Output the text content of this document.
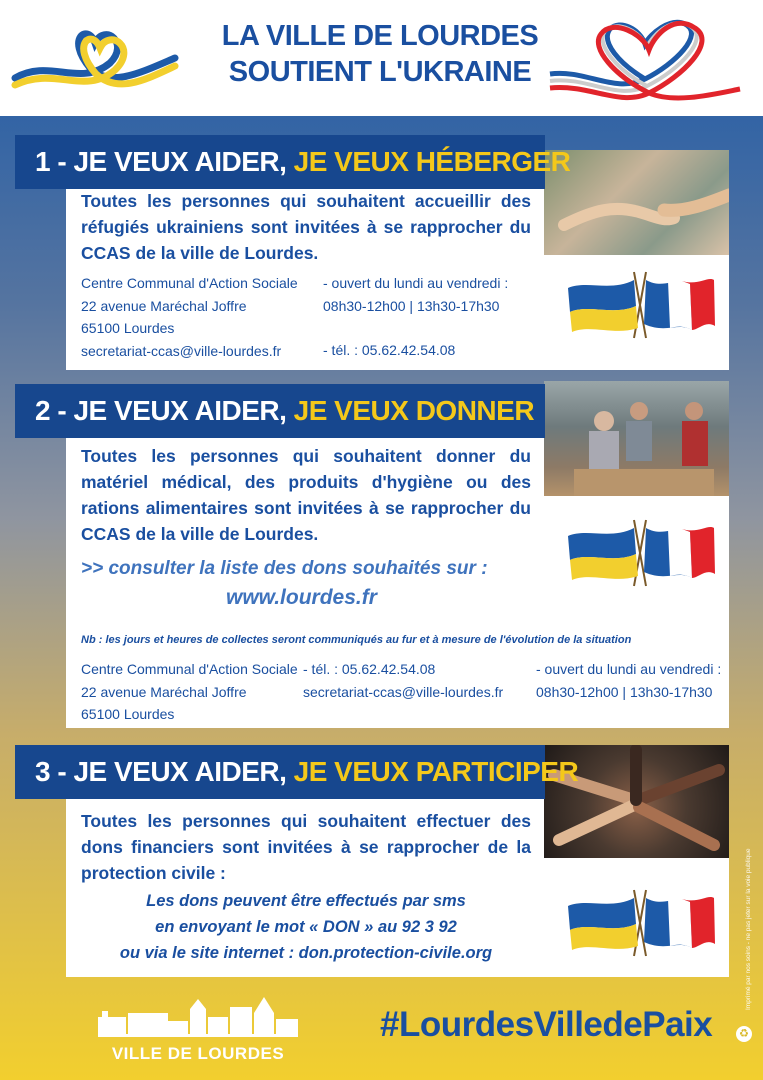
LA VILLE DE LOURDES
SOUTIENT L'UKRAINE
Toutes les personnes qui souhaitent accueillir des réfugiés ukrainiens sont invitées à se rapprocher du CCAS de la ville de Lourdes.
Centre Communal d'Action Sociale
22 avenue Maréchal Joffre
65100 Lourdes
secretariat-ccas@ville-lourdes.fr
- ouvert du lundi au vendredi :
08h30-12h00 | 13h30-17h30
- tél. : 05.62.42.54.08
1 - JE VEUX AIDER, JE VEUX HÉBERGER
Toutes les personnes qui souhaitent donner du matériel médical, des produits d'hygiène ou des rations alimentaires sont invitées à se rapprocher du CCAS de la ville de Lourdes.
>> consulter la liste des dons souhaités sur :
www.lourdes.fr
Nb : les jours et heures de collectes seront communiqués au fur et à mesure de l'évolution de la situation
Centre Communal d'Action Sociale
22 avenue Maréchal Joffre
65100 Lourdes
- tél. : 05.62.42.54.08
secretariat-ccas@ville-lourdes.fr
- ouvert du lundi au vendredi :
08h30-12h00 | 13h30-17h30
2 - JE VEUX AIDER, JE VEUX DONNER
Toutes les personnes qui souhaitent effectuer des dons financiers sont invitées à se rapprocher de la protection civile :
Les dons peuvent être effectués par sms
en envoyant le mot « DON » au 92 3 92
ou via le site internet : don.protection-civile.org
3 - JE VEUX AIDER, JE VEUX PARTICIPER
VILLE DE LOURDES
#LourdesVilledePaix
Imprimé par nos soins - ne pas jeter sur la voie publique
♻
